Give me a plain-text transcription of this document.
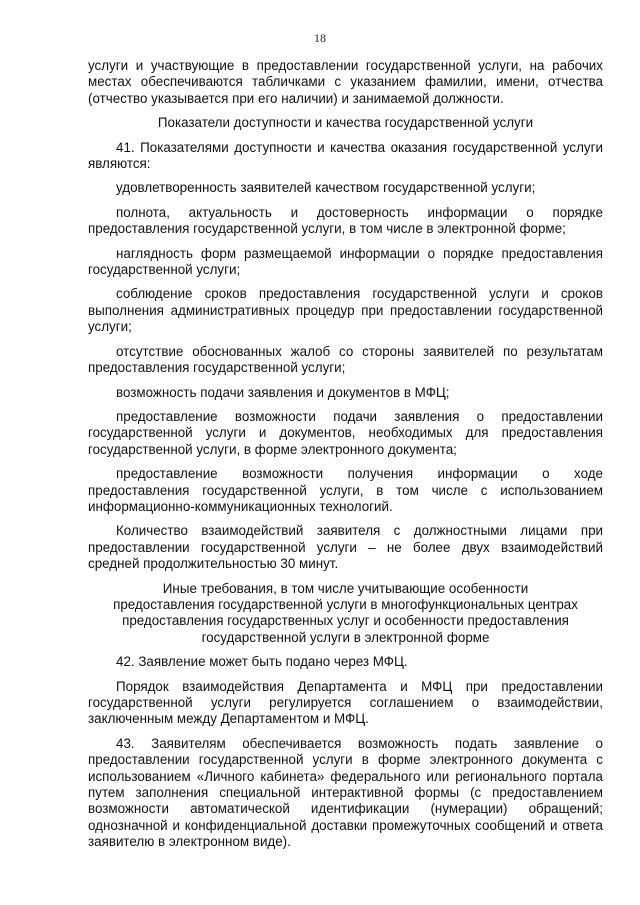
18

услуги и участвующие в предоставлении государственной услуги, на рабочих местах обеспечиваются табличками с указанием фамилии, имени, отчества (отчество указывается при его наличии) и занимаемой должности.

Показатели доступности и качества государственной услуги

41. Показателями доступности и качества оказания государственной услуги являются:

удовлетворенность заявителей качеством государственной услуги;

полнота, актуальность и достоверность информации о порядке предоставления государственной услуги, в том числе в электронной форме;

наглядность форм размещаемой информации о порядке предоставления государственной услуги;

соблюдение сроков предоставления государственной услуги и сроков выполнения административных процедур при предоставлении государственной услуги;

отсутствие обоснованных жалоб со стороны заявителей по результатам предоставления государственной услуги;

возможность подачи заявления и документов в МФЦ;

предоставление возможности подачи заявления о предоставлении государственной услуги и документов, необходимых для предоставления государственной услуги, в форме электронного документа;

предоставление возможности получения информации о ходе предоставления государственной услуги, в том числе с использованием информационно-коммуникационных технологий.

Количество взаимодействий заявителя с должностными лицами при предоставлении государственной услуги – не более двух взаимодействий средней продолжительностью 30 минут.

Иные требования, в том числе учитывающие особенности
предоставления государственной услуги в многофункциональных центрах
предоставления государственных услуг и особенности предоставления
государственной услуги в электронной форме

42. Заявление может быть подано через МФЦ.

Порядок взаимодействия Департамента и МФЦ при предоставлении государственной услуги регулируется соглашением о взаимодействии, заключенным между Департаментом и МФЦ.

43. Заявителям обеспечивается возможность подать заявление о предоставлении государственной услуги в форме электронного документа с использованием «Личного кабинета» федерального или регионального портала путем заполнения специальной интерактивной формы (с предоставлением возможности автоматической идентификации (нумерации) обращений; однозначной и конфиденциальной доставки промежуточных сообщений и ответа заявителю в электронном виде).
